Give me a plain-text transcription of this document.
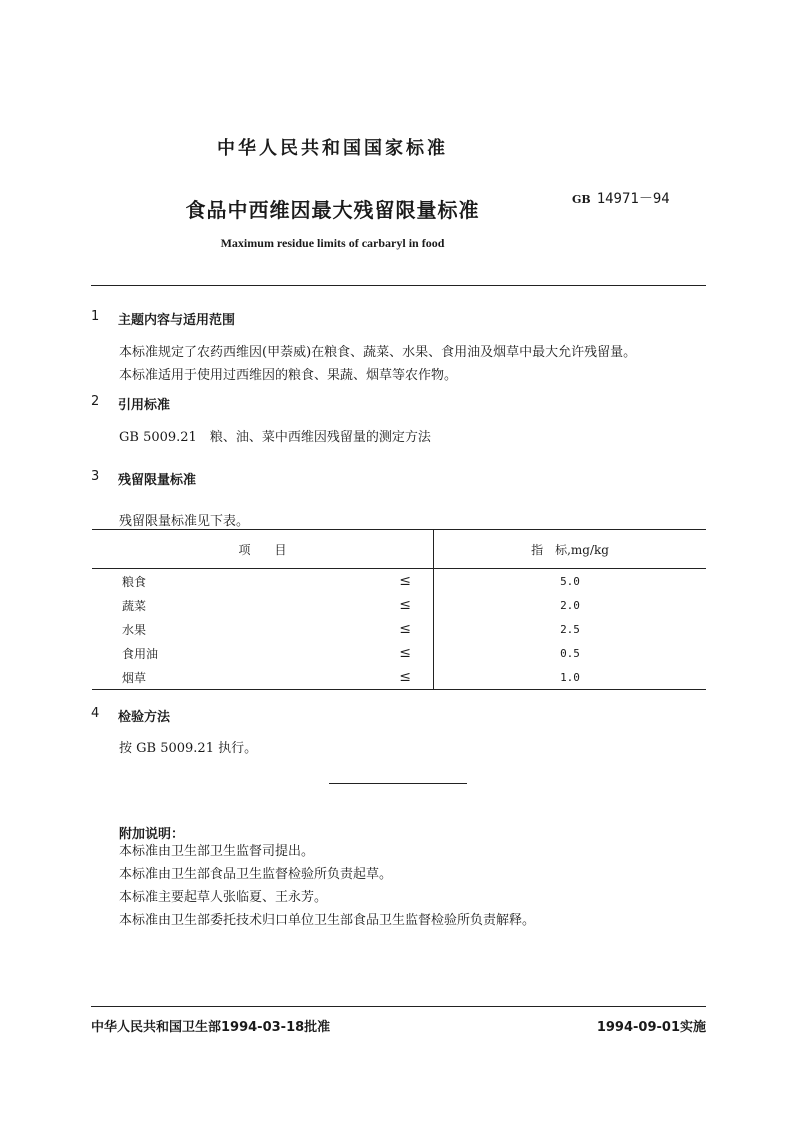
中华人民共和国国家标准
食品中西维因最大残留限量标准	GB 14971－94
Maximum residue limits of carbaryl in food
1 主题内容与适用范围
本标准规定了农药西维因(甲萘威)在粮食、蔬菜、水果、食用油及烟草中最大允许残留量。
本标准适用于使用过西维因的粮食、果蔬、烟草等农作物。
2 引用标准
GB 5009.21　粮、油、菜中西维因残留量的测定方法
3 残留限量标准
残留限量标准见下表。
项　　目	指　标,mg/kg
粮食 ≤	5.0
蔬菜 ≤	2.0
水果 ≤	2.5
食用油 ≤	0.5
烟草 ≤	1.0
4 检验方法
按 GB 5009.21 执行。
附加说明：
本标准由卫生部卫生监督司提出。
本标准由卫生部食品卫生监督检验所负责起草。
本标准主要起草人张临夏、王永芳。
本标准由卫生部委托技术归口单位卫生部食品卫生监督检验所负责解释。
中华人民共和国卫生部1994-03-18批准	1994-09-01实施
